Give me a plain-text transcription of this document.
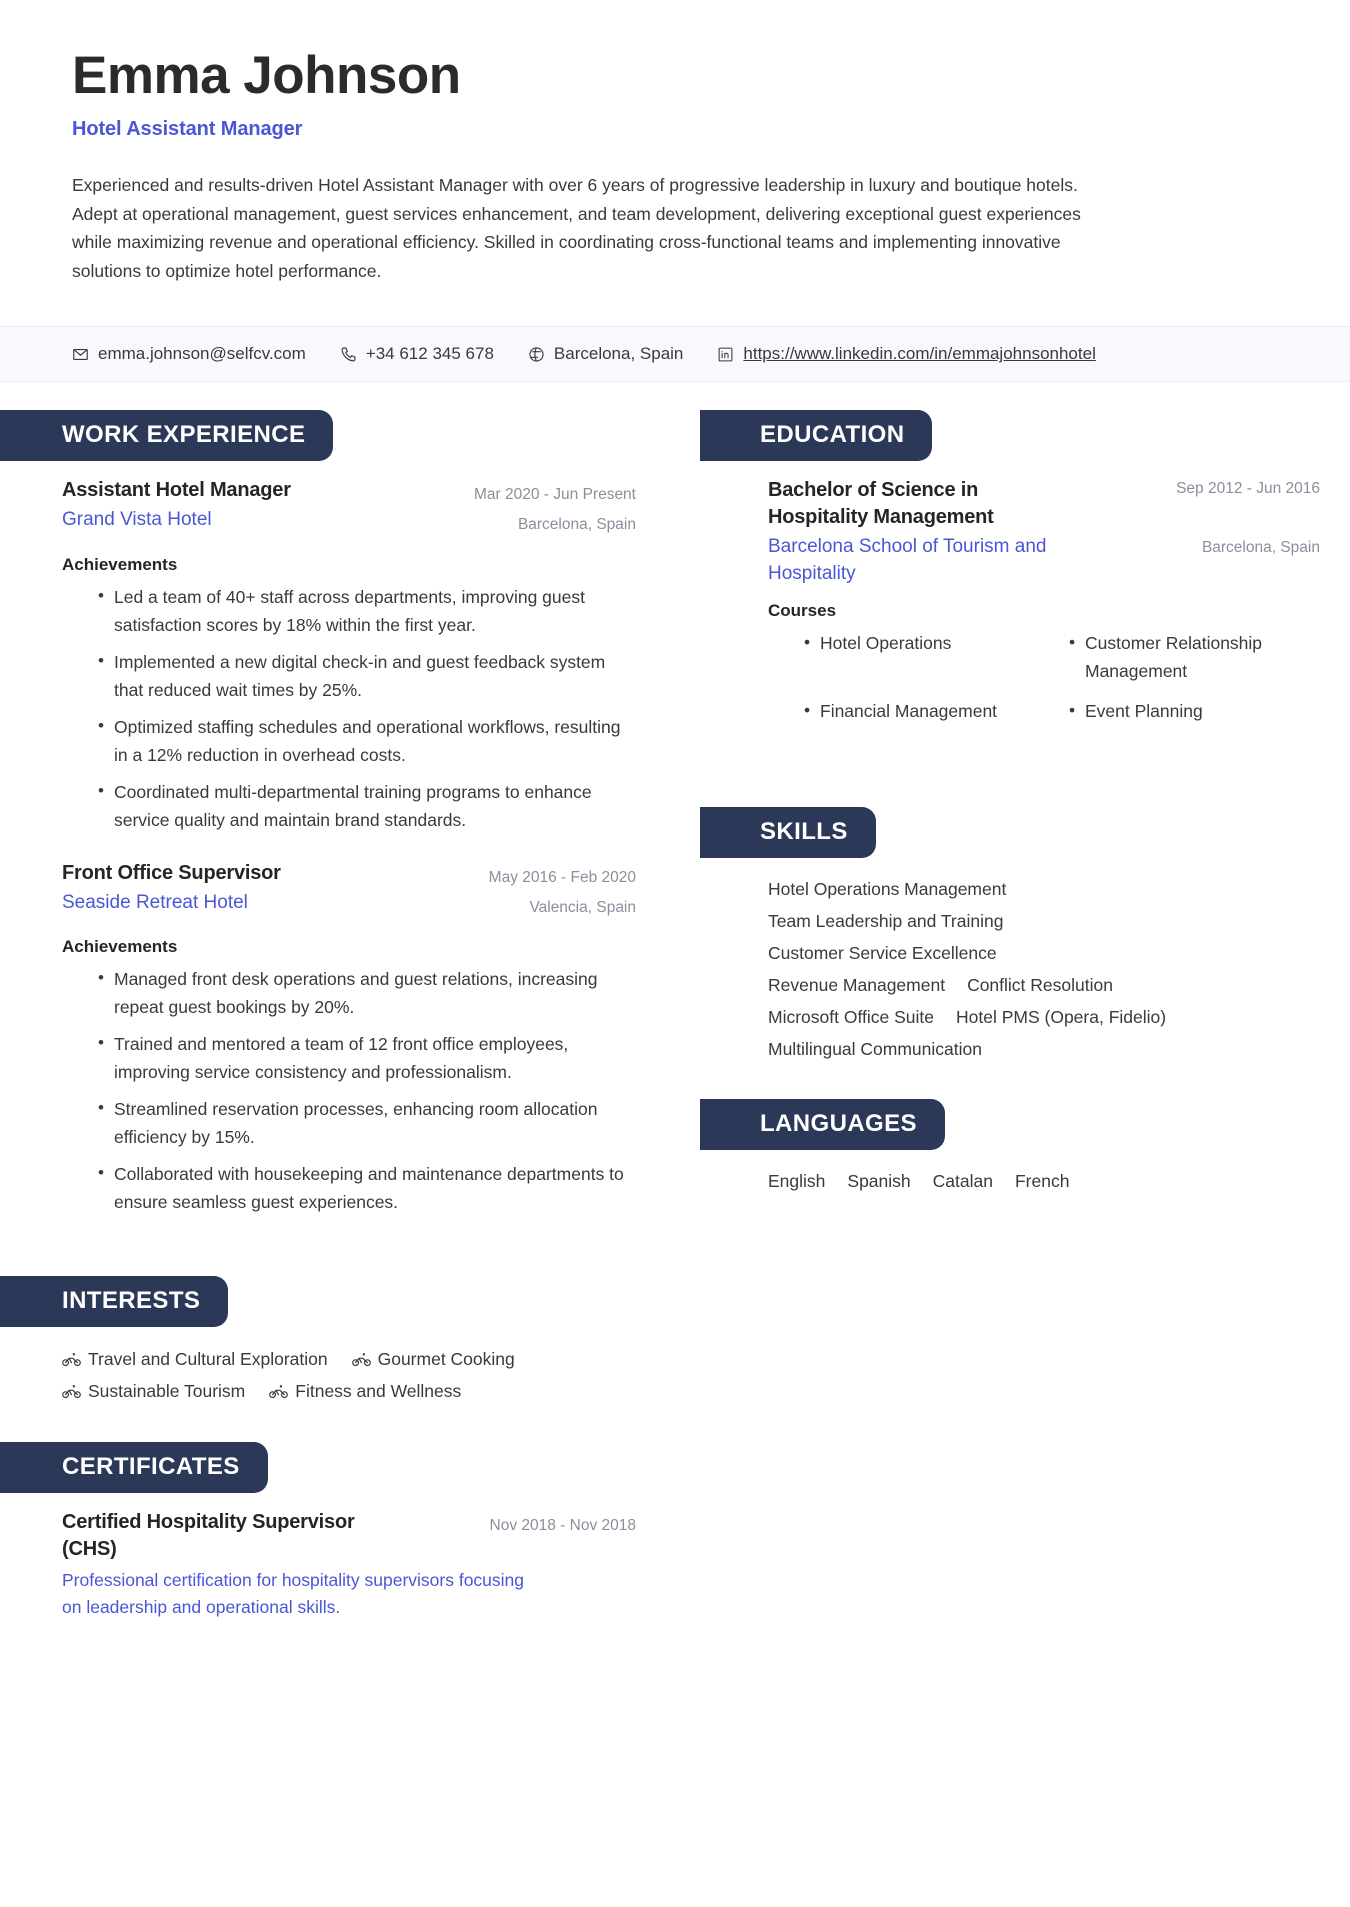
Emma Johnson
Hotel Assistant Manager

Experienced and results-driven Hotel Assistant Manager with over 6 years of progressive leadership in luxury and boutique hotels. Adept at operational management, guest services enhancement, and team development, delivering exceptional guest experiences while maximizing revenue and operational efficiency. Skilled in coordinating cross-functional teams and implementing innovative solutions to optimize hotel performance.

emma.johnson@selfcv.com	+34 612 345 678	Barcelona, Spain	https://www.linkedin.com/in/emmajohnsonhotel
WORK EXPERIENCE
Assistant Hotel Manager
Grand Vista Hotel
Mar 2020 - Jun Present
Barcelona, Spain
Achievements
• Led a team of 40+ staff across departments, improving guest satisfaction scores by 18% within the first year.
• Implemented a new digital check-in and guest feedback system that reduced wait times by 25%.
• Optimized staffing schedules and operational workflows, resulting in a 12% reduction in overhead costs.
• Coordinated multi-departmental training programs to enhance service quality and maintain brand standards.
Front Office Supervisor
Seaside Retreat Hotel
May 2016 - Feb 2020
Valencia, Spain
Achievements
• Managed front desk operations and guest relations, increasing repeat guest bookings by 20%.
• Trained and mentored a team of 12 front office employees, improving service consistency and professionalism.
• Streamlined reservation processes, enhancing room allocation efficiency by 15%.
• Collaborated with housekeeping and maintenance departments to ensure seamless guest experiences.
INTERESTS
Travel and Cultural Exploration
	Gourmet Cooking

Sustainable Tourism
	Fitness and Wellness
CERTIFICATES
Certified Hospitality Supervisor (CHS)
Nov 2018 - Nov 2018
Professional certification for hospitality supervisors focusing on leadership and operational skills.
EDUCATION
Bachelor of Science in Hospitality Management
Barcelona School of Tourism and Hospitality
Sep 2012 - Jun 2016
Barcelona, Spain
Courses
• Hotel Operations	• Customer Relationship Management
• Financial Management	• Event Planning
SKILLS
Hotel Operations Management
Team Leadership and Training
Customer Service Excellence
Revenue Management Conflict Resolution
Microsoft Office Suite Hotel PMS (Opera, Fidelio)
Multilingual Communication
LANGUAGES
English Spanish Catalan French
